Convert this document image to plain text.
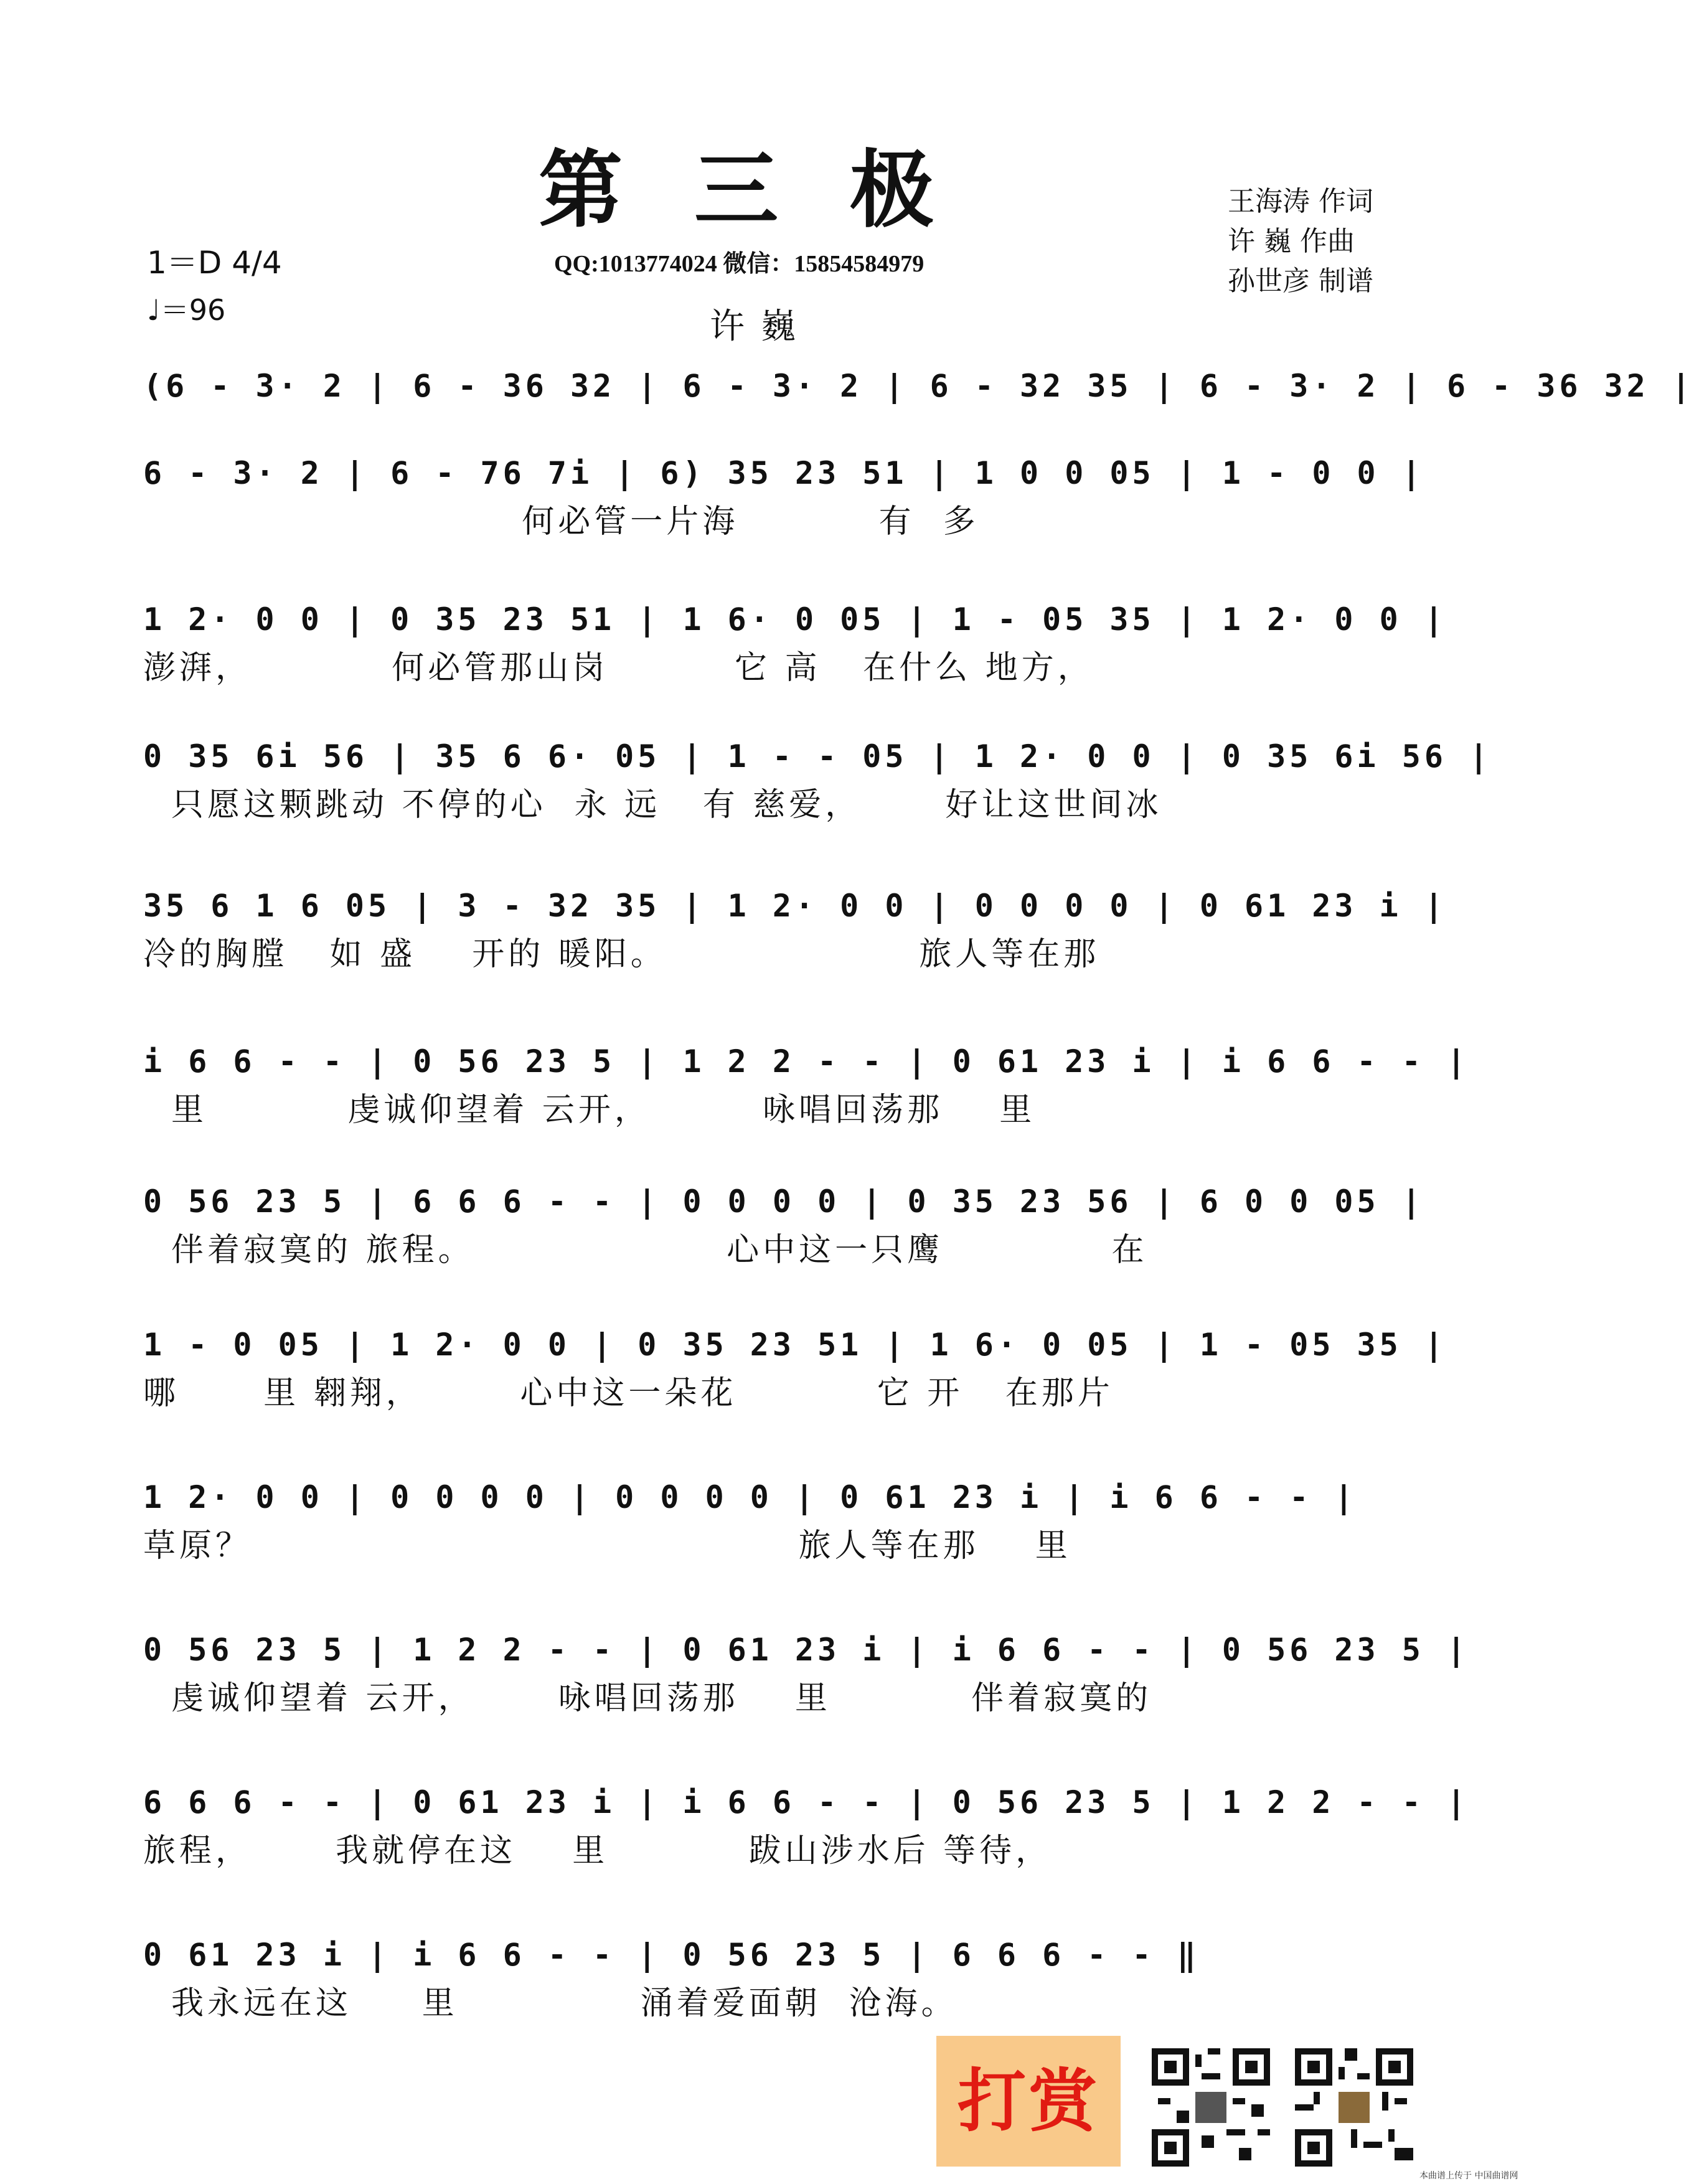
第三极
QQ:1013774024 微信：15854584979
许巍
王海涛 作词
许 巍 作曲
孙世彦 制谱
1＝D 4/4
♩＝96
(6 - 3· 2 | 6 - 36 32 | 6 - 3· 2 | 6 - 32 35 | 6 - 3· 2 | 6 - 36 32 |
6 - 3· 2 | 6 - 76 7i | 6) 35 23 51 | 1 0 0 05 | 1 - 0 0 |
何必管一片海          有  多
1 2· 0 0 | 0 35 23 51 | 1 6· 0 05 | 1 - 05 35 | 1 2· 0 0 |
澎湃，          何必管那山岗         它 高   在什么 地方，
0 35 6i 56 | 35 6 6· 05 | 1 - - 05 | 1 2· 0 0 | 0 35 6i 56 |
只愿这颗跳动 不停的心  永 远   有 慈爱，      好让这世间冰
35 6 1 6 05 | 3 - 32 35 | 1 2· 0 0 | 0 0 0 0 | 0 61 23 i |
冷的胸膛   如 盛    开的 暖阳。                  旅人等在那
i 6 6 - - | 0 56 23 5 | 1 2 2 - - | 0 61 23 i | i 6 6 - - |
里          虔诚仰望着 云开，        咏唱回荡那    里
0 56 23 5 | 6 6 6 - - | 0 0 0 0 | 0 35 23 56 | 6 0 0 05 |
伴着寂寞的 旅程。                  心中这一只鹰            在
1 - 0 05 | 1 2· 0 0 | 0 35 23 51 | 1 6· 0 05 | 1 - 05 35 |
哪      里 翱翔，       心中这一朵花          它 开   在那片
1 2· 0 0 | 0 0 0 0 | 0 0 0 0 | 0 61 23 i | i 6 6 - - |
草原？                                       旅人等在那    里
0 56 23 5 | 1 2 2 - - | 0 61 23 i | i 6 6 - - | 0 56 23 5 |
虔诚仰望着 云开，      咏唱回荡那    里          伴着寂寞的
6 6 6 - - | 0 61 23 i | i 6 6 - - | 0 56 23 5 | 1 2 2 - - |
旅程，      我就停在这    里          跋山涉水后 等待，
0 61 23 i | i 6 6 - - | 0 56 23 5 | 6 6 6 - - ‖
我永远在这     里             涌着爱面朝  沧海。
打赏
本曲谱上传于 中国曲谱网
